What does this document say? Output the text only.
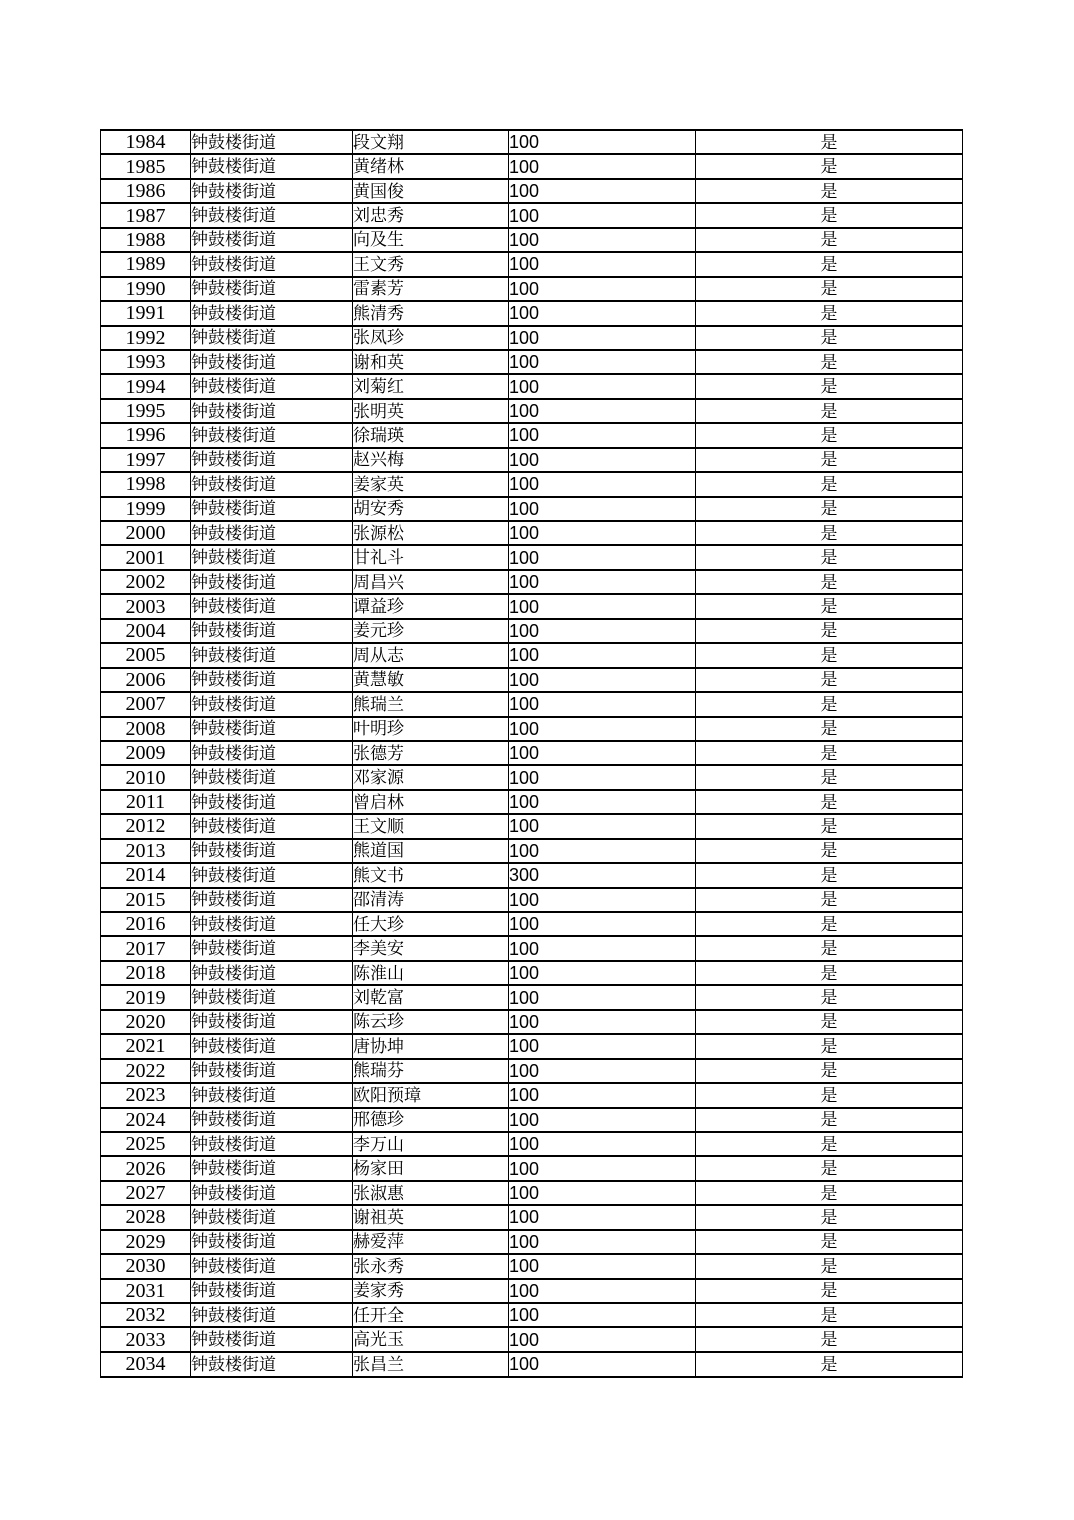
1984	钟鼓楼街道	段文翔	100	是
1985	钟鼓楼街道	黄绪林	100	是
1986	钟鼓楼街道	黄国俊	100	是
1987	钟鼓楼街道	刘忠秀	100	是
1988	钟鼓楼街道	向及生	100	是
1989	钟鼓楼街道	王文秀	100	是
1990	钟鼓楼街道	雷素芳	100	是
1991	钟鼓楼街道	熊清秀	100	是
1992	钟鼓楼街道	张凤珍	100	是
1993	钟鼓楼街道	谢和英	100	是
1994	钟鼓楼街道	刘菊红	100	是
1995	钟鼓楼街道	张明英	100	是
1996	钟鼓楼街道	徐瑞瑛	100	是
1997	钟鼓楼街道	赵兴梅	100	是
1998	钟鼓楼街道	姜家英	100	是
1999	钟鼓楼街道	胡安秀	100	是
2000	钟鼓楼街道	张源松	100	是
2001	钟鼓楼街道	甘礼斗	100	是
2002	钟鼓楼街道	周昌兴	100	是
2003	钟鼓楼街道	谭益珍	100	是
2004	钟鼓楼街道	姜元珍	100	是
2005	钟鼓楼街道	周从志	100	是
2006	钟鼓楼街道	黄慧敏	100	是
2007	钟鼓楼街道	熊瑞兰	100	是
2008	钟鼓楼街道	叶明珍	100	是
2009	钟鼓楼街道	张德芳	100	是
2010	钟鼓楼街道	邓家源	100	是
2011	钟鼓楼街道	曾启林	100	是
2012	钟鼓楼街道	王文顺	100	是
2013	钟鼓楼街道	熊道国	100	是
2014	钟鼓楼街道	熊文书	300	是
2015	钟鼓楼街道	邵清涛	100	是
2016	钟鼓楼街道	任大珍	100	是
2017	钟鼓楼街道	李美安	100	是
2018	钟鼓楼街道	陈淮山	100	是
2019	钟鼓楼街道	刘乾富	100	是
2020	钟鼓楼街道	陈云珍	100	是
2021	钟鼓楼街道	唐协坤	100	是
2022	钟鼓楼街道	熊瑞芬	100	是
2023	钟鼓楼街道	欧阳预璋	100	是
2024	钟鼓楼街道	邢德珍	100	是
2025	钟鼓楼街道	李万山	100	是
2026	钟鼓楼街道	杨家田	100	是
2027	钟鼓楼街道	张淑惠	100	是
2028	钟鼓楼街道	谢祖英	100	是
2029	钟鼓楼街道	赫爱萍	100	是
2030	钟鼓楼街道	张永秀	100	是
2031	钟鼓楼街道	姜家秀	100	是
2032	钟鼓楼街道	任开全	100	是
2033	钟鼓楼街道	高光玉	100	是
2034	钟鼓楼街道	张昌兰	100	是
